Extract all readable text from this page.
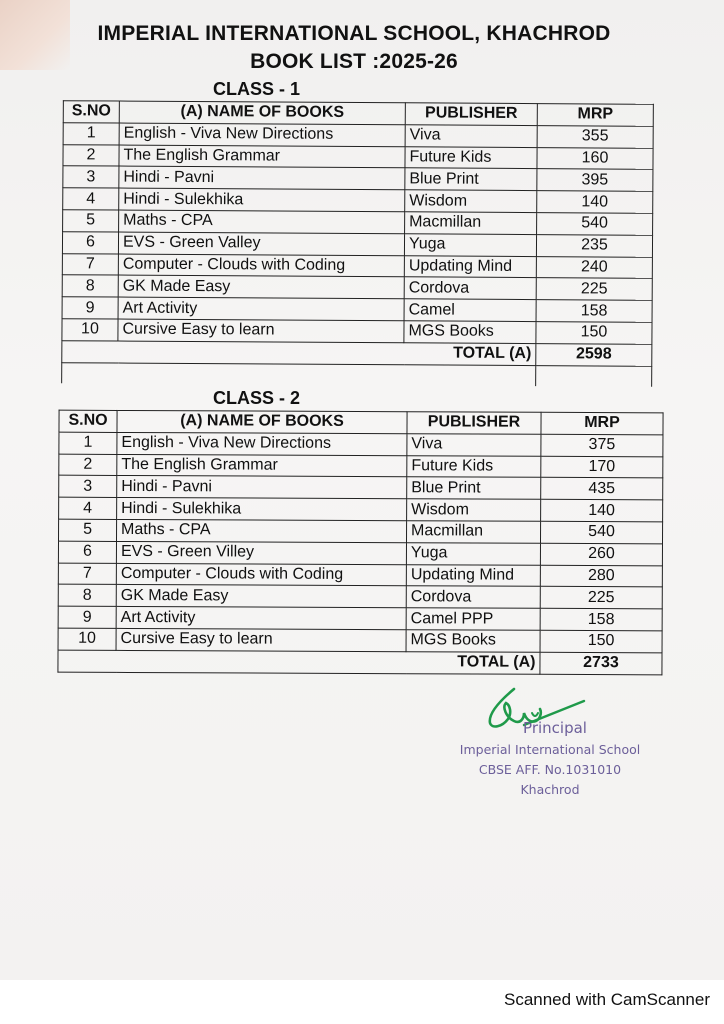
IMPERIAL INTERNATIONAL SCHOOL, KHACHROD
BOOK LIST :2025-26
CLASS - 1
S.NO	(A) NAME OF BOOKS	PUBLISHER	MRP
1	English - Viva New Directions	Viva	355
2	The English Grammar	Future Kids	160
3	Hindi - Pavni	Blue Print	395
4	Hindi - Sulekhika	Wisdom	140
5	Maths - CPA	Macmillan	540
6	EVS - Green Valley	Yuga	235
7	Computer - Clouds with Coding	Updating Mind	240
8	GK Made Easy	Cordova	225
9	Art Activity	Camel	158
10	Cursive Easy to learn	MGS Books	150
TOTAL (A)			2598

CLASS - 2
S.NO	(A) NAME OF BOOKS	PUBLISHER	MRP
1	English - Viva New Directions	Viva	375
2	The English Grammar	Future Kids	170
3	Hindi - Pavni	Blue Print	435
4	Hindi - Sulekhika	Wisdom	140
5	Maths - CPA	Macmillan	540
6	EVS - Green Villey	Yuga	260
7	Computer - Clouds with Coding	Updating Mind	280
8	GK Made Easy	Cordova	225
9	Art Activity	Camel PPP	158
10	Cursive Easy to learn	MGS Books	150
TOTAL (A)			2733
Principal
Imperial International School
CBSE AFF. No.1031010
Khachrod
Scanned with CamScanner
